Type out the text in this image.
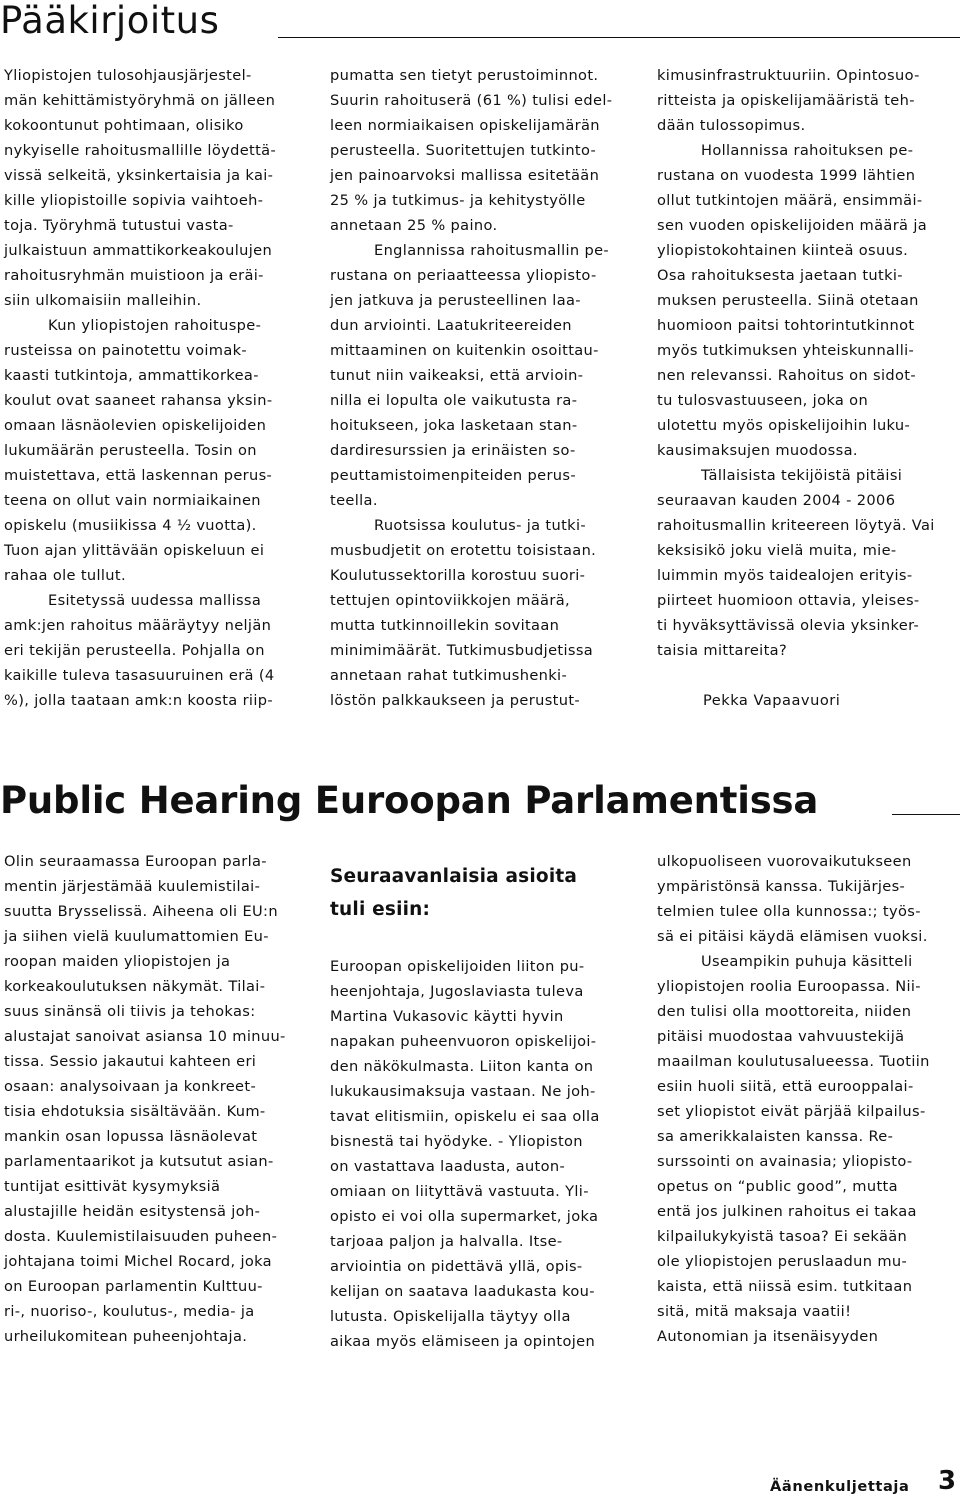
Pääkirjoitus

Yliopistojen tulosohjausjärjestel-

män kehittämistyöryhmä on jälleen

kokoontunut pohtimaan, olisiko

nykyiselle rahoitusmallille löydettä-

vissä selkeitä, yksinkertaisia ja kai-

kille yliopistoille sopivia vaihtoeh-

toja. Työryhmä tutustui vasta-

julkaistuun ammattikorkeakoulujen

rahoitusryhmän muistioon ja eräi-

siin ulkomaisiin malleihin.

Kun yliopistojen rahoituspe-

rusteissa on painotettu voimak-

kaasti tutkintoja, ammattikorkea-

koulut ovat saaneet rahansa yksin-

omaan läsnäolevien opiskelijoiden

lukumäärän perusteella. Tosin on

muistettava, että laskennan perus-

teena on ollut vain normiaikainen

opiskelu (musiikissa 4 ½ vuotta).

Tuon ajan ylittävään opiskeluun ei

rahaa ole tullut.

Esitetyssä uudessa mallissa

amk:jen rahoitus määräytyy neljän

eri tekijän perusteella. Pohjalla on

kaikille tuleva tasasuuruinen erä (4

%), jolla taataan amk:n koosta riip-

pumatta sen tietyt perustoiminnot.

Suurin rahoituserä (61 %) tulisi edel-

leen normiaikaisen opiskelijamärän

perusteella. Suoritettujen tutkinto-

jen painoarvoksi mallissa esitetään

25 % ja tutkimus- ja kehitystyölle

annetaan 25 % paino.

Englannissa rahoitusmallin pe-

rustana on periaatteessa yliopisto-

jen jatkuva ja perusteellinen laa-

dun arviointi. Laatukriteereiden

mittaaminen on kuitenkin osoittau-

tunut niin vaikeaksi, että arvioin-

nilla ei lopulta ole vaikutusta ra-

hoitukseen, joka lasketaan stan-

dardiresurssien ja erinäisten so-

peuttamistoimenpiteiden perus-

teella.

Ruotsissa koulutus- ja tutki-

musbudjetit on erotettu toisistaan.

Koulutussektorilla korostuu suori-

tettujen opintoviikkojen määrä,

mutta tutkinnoillekin sovitaan

minimimäärät. Tutkimusbudjetissa

annetaan rahat tutkimushenki-

löstön palkkaukseen ja perustut-

kimusinfrastruktuuriin. Opintosuo-

ritteista ja opiskelijamääristä teh-

dään tulossopimus.

Hollannissa rahoituksen pe-

rustana on vuodesta 1999 lähtien

ollut tutkintojen määrä, ensimmäi-

sen vuoden opiskelijoiden määrä ja

yliopistokohtainen kiinteä osuus.

Osa rahoituksesta jaetaan tutki-

muksen perusteella. Siinä otetaan

huomioon paitsi tohtorintutkinnot

myös tutkimuksen yhteiskunnalli-

nen relevanssi. Rahoitus on sidot-

tu tulosvastuuseen, joka on

ulotettu myös opiskelijoihin luku-

kausimaksujen muodossa.

Tällaisista tekijöistä pitäisi

seuraavan kauden 2004 - 2006

rahoitusmallin kriteereen löytyä. Vai

keksisikö joku vielä muita, mie-

luimmin myös taidealojen erityis-

piirteet huomioon ottavia, yleises-

ti hyväksyttävissä olevia yksinker-

taisia mittareita?

Pekka Vapaavuori
Public Hearing Euroopan Parlamentissa

Olin seuraamassa Euroopan parla-

mentin järjestämää kuulemistilai-

suutta Brysselissä. Aiheena oli EU:n

ja siihen vielä kuulumattomien Eu-

roopan maiden yliopistojen ja

korkeakoulutuksen näkymät. Tilai-

suus sinänsä oli tiivis ja tehokas:

alustajat sanoivat asiansa 10 minuu-

tissa. Sessio jakautui kahteen eri

osaan: analysoivaan ja konkreet-

tisia ehdotuksia sisältävään. Kum-

mankin osan lopussa läsnäolevat

parlamentaarikot ja kutsutut asian-

tuntijat esittivät kysymyksiä

alustajille heidän esitystensä joh-

dosta. Kuulemistilaisuuden puheen-

johtajana toimi Michel Rocard, joka

on Euroopan parlamentin Kulttuu-

ri-, nuoriso-, koulutus-, media- ja

urheilukomitean puheenjohtaja.

Seuraavanlaisia asioita
tuli esiin:

Euroopan opiskelijoiden liiton pu-

heenjohtaja, Jugoslaviasta tuleva

Martina Vukasovic käytti hyvin

napakan puheenvuoron opiskelijoi-

den näkökulmasta. Liiton kanta on

lukukausimaksuja vastaan. Ne joh-

tavat elitismiin, opiskelu ei saa olla

bisnestä tai hyödyke. - Yliopiston

on vastattava laadusta, auton-

omiaan on liityttävä vastuuta. Yli-

opisto ei voi olla supermarket, joka

tarjoaa paljon ja halvalla. Itse-

arviointia on pidettävä yllä, opis-

kelijan on saatava laadukasta kou-

lutusta. Opiskelijalla täytyy olla

aikaa myös elämiseen ja opintojen

ulkopuoliseen vuorovaikutukseen

ympäristönsä kanssa. Tukijärjes-

telmien tulee olla kunnossa:; työs-

sä ei pitäisi käydä elämisen vuoksi.

Useampikin puhuja käsitteli

yliopistojen roolia Euroopassa. Nii-

den tulisi olla moottoreita, niiden

pitäisi muodostaa vahvuustekijä

maailman koulutusalueessa. Tuotiin

esiin huoli siitä, että eurooppalai-

set yliopistot eivät pärjää kilpailus-

sa amerikkalaisten kanssa. Re-

surssointi on avainasia; yliopisto-

opetus on “public good”, mutta

entä jos julkinen rahoitus ei takaa

kilpailukykyistä tasoa? Ei sekään

ole yliopistojen peruslaadun mu-

kaista, että niissä esim. tutkitaan

sitä, mitä maksaja vaatii!

Autonomian ja itsenäisyyden

Äänenkuljettaja 3
